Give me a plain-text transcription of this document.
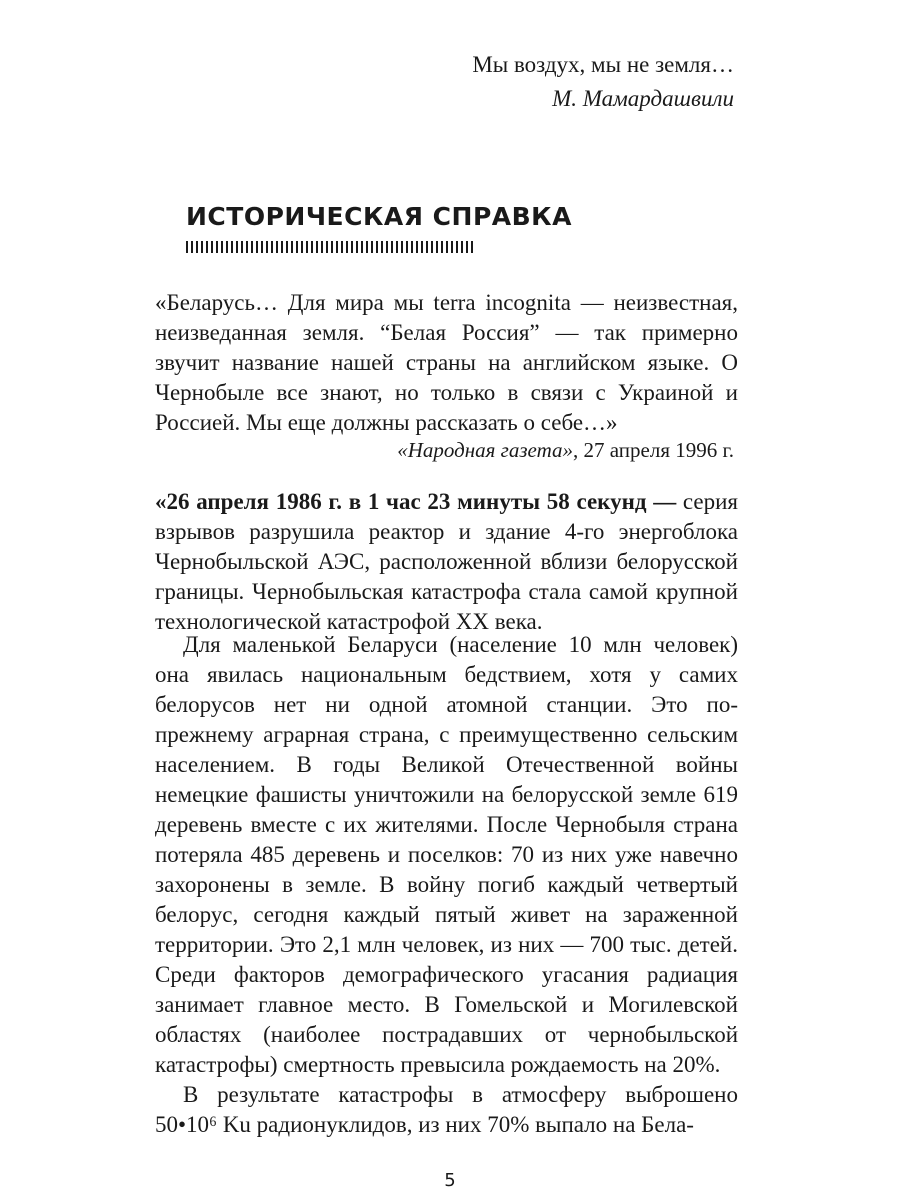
Мы воздух, мы не земля…
М. Мамардашвили
ИСТОРИЧЕСКАЯ СПРАВКА

«Беларусь… Для мира мы terra incognita — неизвестная, неизведанная земля. “Белая Россия” — так примерно звучит название нашей страны на английском языке. О Чернобыле все знают, но только в связи с Украиной и Россией. Мы еще должны рассказать о себе…»

«Народная газета», 27 апреля 1996 г.

«26 апреля 1986 г. в 1 час 23 минуты 58 секунд — серия взрывов разрушила реактор и здание 4-го энергоблока Чернобыльской АЭС, расположенной вблизи белорусской границы. Чернобыльская катастрофа стала самой крупной технологической катастрофой XX века.

Для маленькой Беларуси (население 10 млн человек) она явилась национальным бедствием, хотя у самих белорусов нет ни одной атомной станции. Это по-прежнему аграрная страна, с преимущественно сельским населением. В годы Великой Отечественной войны немецкие фашисты уничтожили на белорусской земле 619 деревень вместе с их жителями. После Чернобыля страна потеряла 485 деревень и поселков: 70 из них уже навечно захоронены в земле. В войну погиб каждый четвертый белорус, сегодня каждый пятый живет на зараженной территории. Это 2,1 млн человек, из них — 700 тыс. детей. Среди факторов демографического угасания радиация занимает главное место. В Гомельской и Могилевской областях (наиболее пострадавших от чернобыльской катастрофы) смертность превысила рождаемость на 20%.

В результате катастрофы в атмосферу выброшено 50•10⁶ Ku радионуклидов, из них 70% выпало на Бела-

5
